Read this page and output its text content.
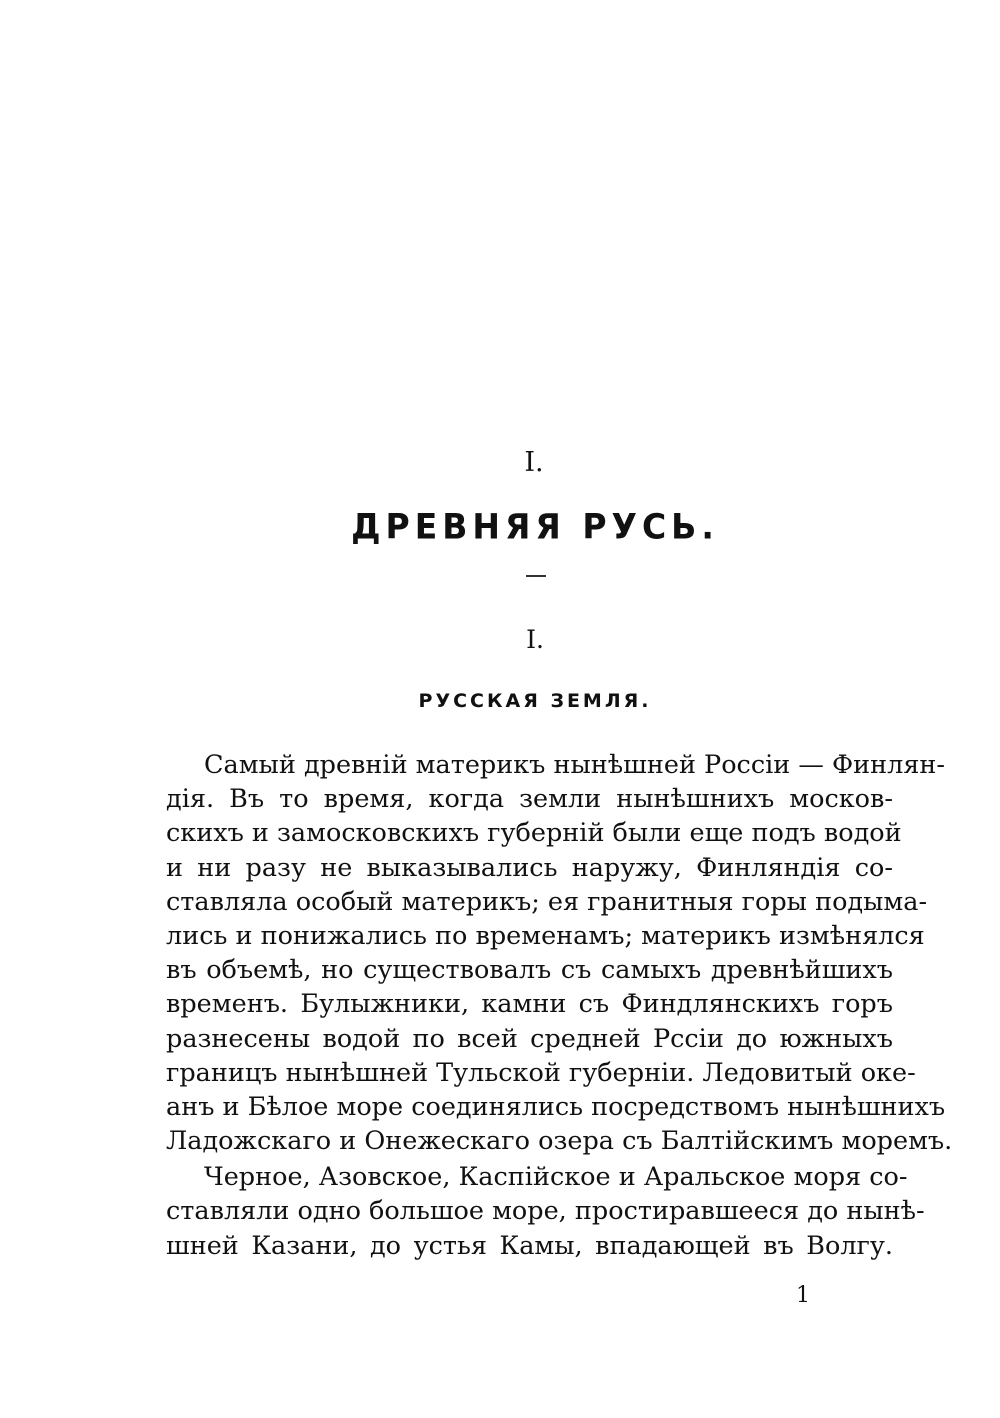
I.
ДРЕВНЯЯ РУСЬ.
I.
РУССКАЯ ЗЕМЛЯ.
Самый древній материкъ нынѣшней Россіи — Финлян-
дія. Въ то время, когда земли нынѣшнихъ москов-
скихъ и замосковскихъ губерній были еще подъ водой
и ни разу не выказывались наружу, Финляндія со-
ставляла особый материкъ; ея гранитныя горы подыма-
лись и понижались по временамъ; материкъ измѣнялся
въ объемѣ, но существовалъ съ самыхъ древнѣйшихъ
временъ. Булыжники, камни съ Финдлянскихъ горъ
разнесены водой по всей средней Рссіи до южныхъ
границъ нынѣшней Тульской губерніи. Ледовитый оке-
анъ и Бѣлое море соединялись посредствомъ нынѣшнихъ
Ладожскаго и Онежескаго озера съ Балтійскимъ моремъ.
Черное, Азовское, Каспійское и Аральское моря со-
ставляли одно большое море, простиравшееся до нынѣ-
шней Казани, до устья Камы, впадающей въ Волгу.
1
